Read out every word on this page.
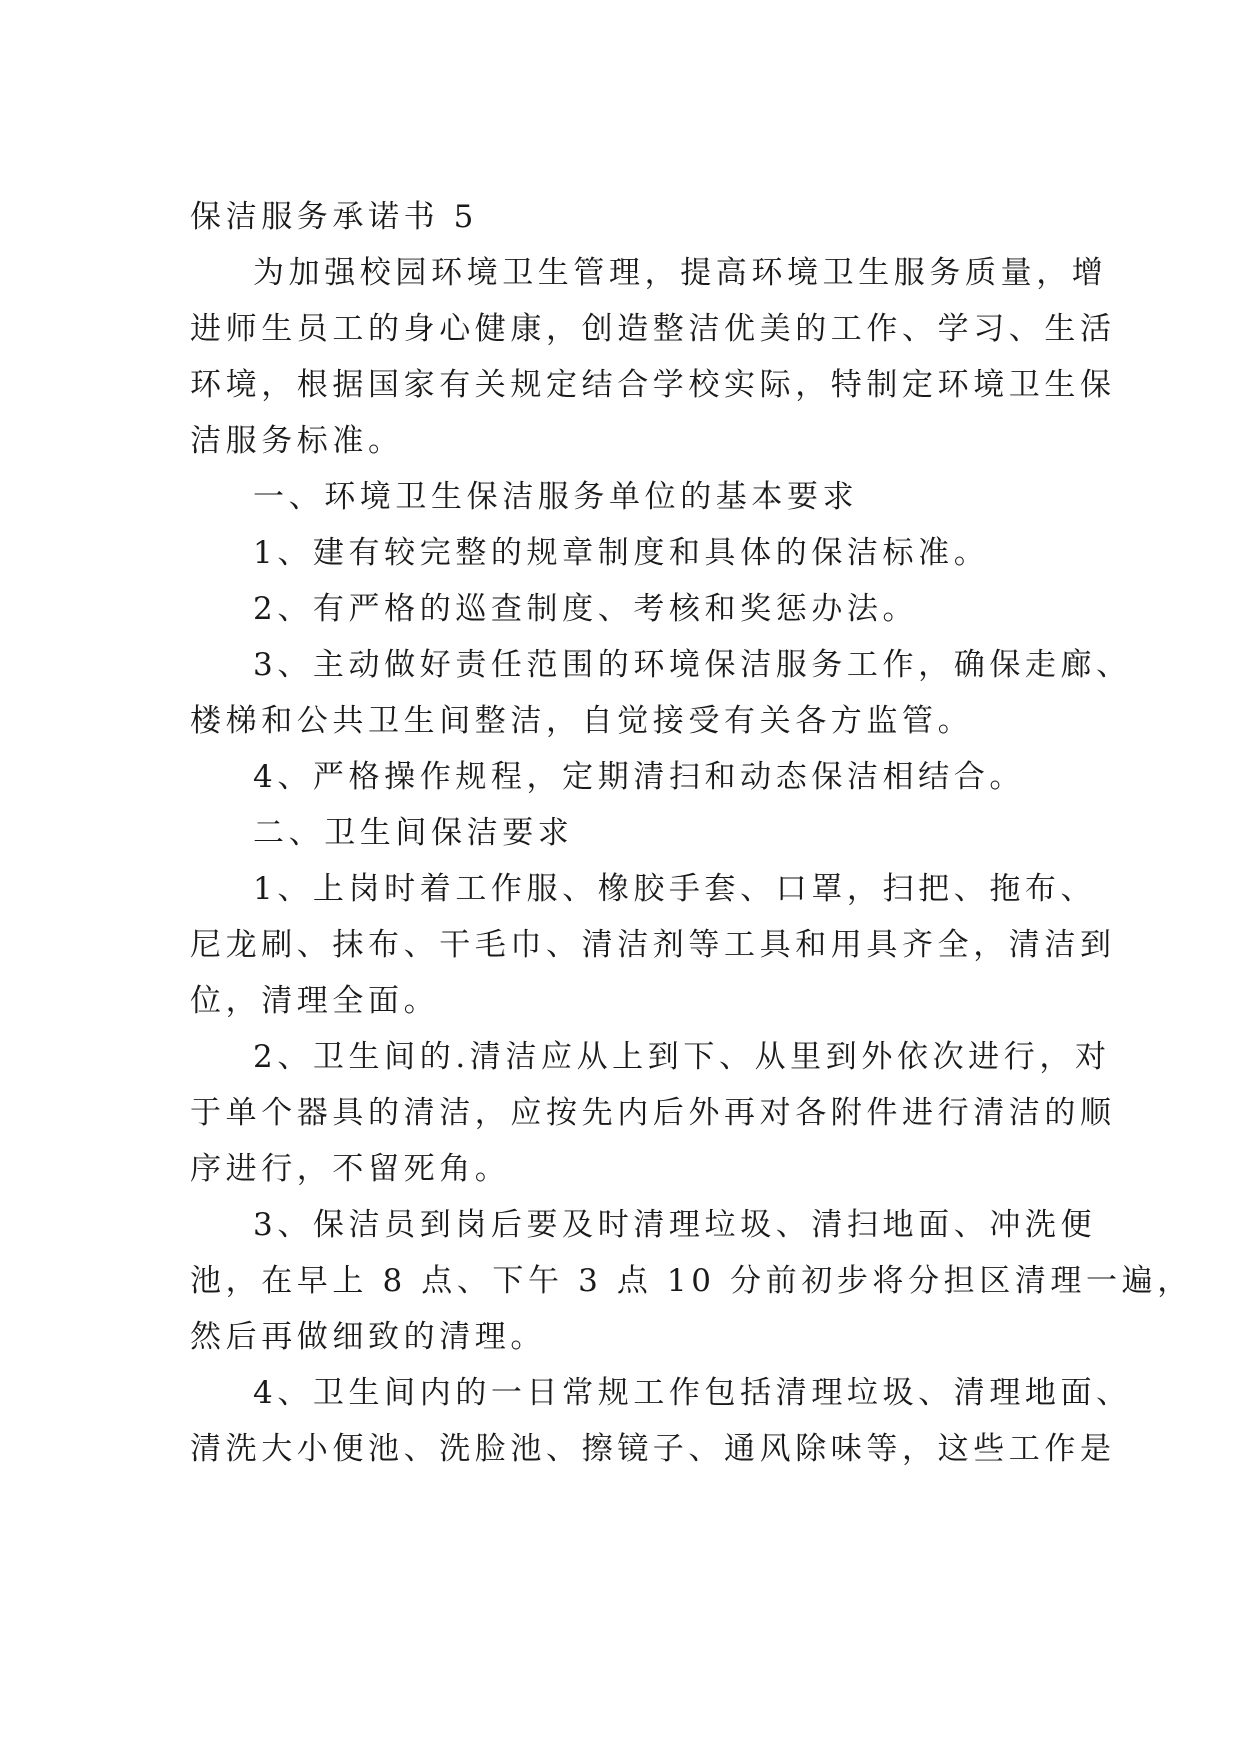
保洁服务承诺书 5
为加强校园环境卫生管理，提高环境卫生服务质量，增
进师生员工的身心健康，创造整洁优美的工作、学习、生活
环境，根据国家有关规定结合学校实际，特制定环境卫生保
洁服务标准。
一、环境卫生保洁服务单位的基本要求
1、建有较完整的规章制度和具体的保洁标准。
2、有严格的巡查制度、考核和奖惩办法。
3、主动做好责任范围的环境保洁服务工作，确保走廊、
楼梯和公共卫生间整洁，自觉接受有关各方监管。
4、严格操作规程，定期清扫和动态保洁相结合。
二、卫生间保洁要求
1、上岗时着工作服、橡胶手套、口罩，扫把、拖布、
尼龙刷、抹布、干毛巾、清洁剂等工具和用具齐全，清洁到
位，清理全面。
2、卫生间的.清洁应从上到下、从里到外依次进行，对
于单个器具的清洁，应按先内后外再对各附件进行清洁的顺
序进行，不留死角。
3、保洁员到岗后要及时清理垃圾、清扫地面、冲洗便
池，在早上 8 点、下午 3 点 10 分前初步将分担区清理一遍，
然后再做细致的清理。
4、卫生间内的一日常规工作包括清理垃圾、清理地面、
清洗大小便池、洗脸池、擦镜子、通风除味等，这些工作是
